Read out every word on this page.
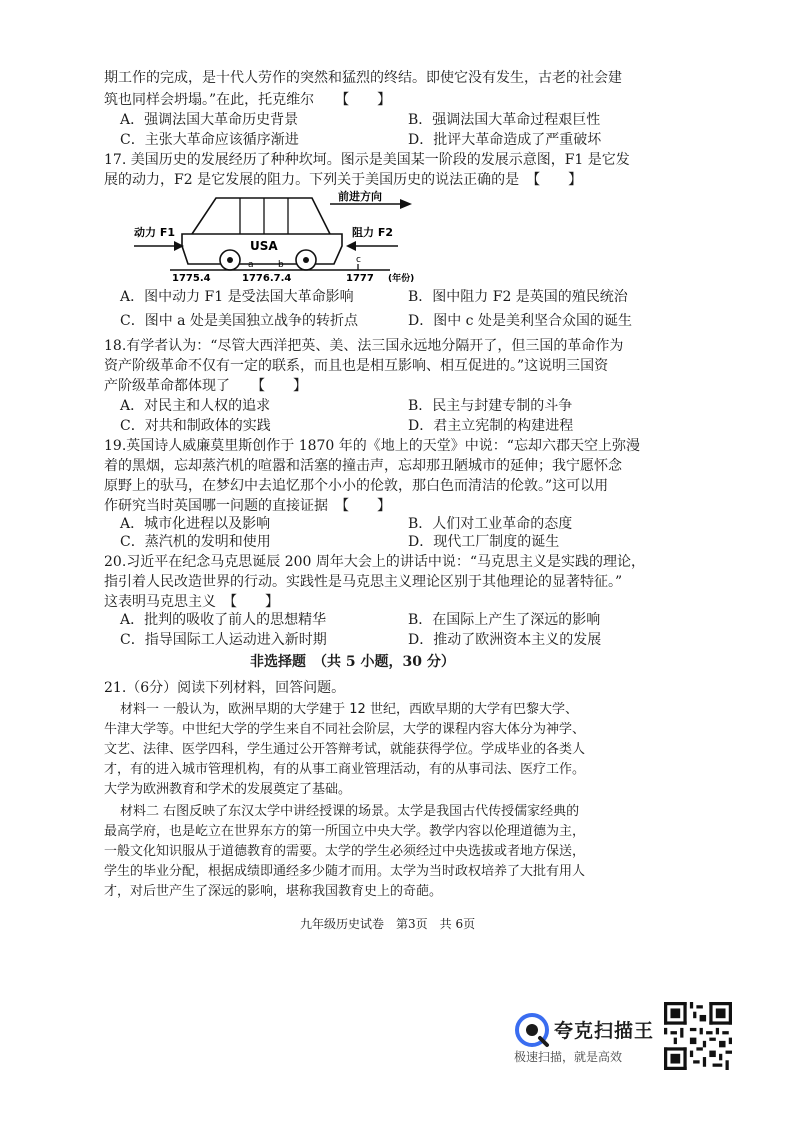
期工作的完成，是十代人劳作的突然和猛烈的终结。即使它没有发生，古老的社会建
筑也同样会坍塌。”在此，托克维尔　　【　　】
A．强调法国大革命历史背景	B．强调法国大革命过程艰巨性
C．主张大革命应该循序渐进	D．批评大革命造成了严重破坏
17. 美国历史的发展经历了种种坎坷。图示是美国某一阶段的发展示意图，F1 是它发
展的动力，F2 是它发展的阻力。下列关于美国历史的说法正确的是　【　　】
前进方向
USA
动力 F1	阻力 F2
a	b	c
1775.4	1776.7.4	1777 (年份)
A．图中动力 F1 是受法国大革命影响	B．图中阻力 F2 是英国的殖民统治
C．图中 a 处是美国独立战争的转折点	D．图中 c 处是美利坚合众国的诞生
18.有学者认为：“尽管大西洋把英、美、法三国永远地分隔开了，但三国的革命作为
资产阶级革命不仅有一定的联系，而且也是相互影响、相互促进的。”这说明三国资
产阶级革命都体现了　　【　　】
A．对民主和人权的追求	B．民主与封建专制的斗争
C．对共和制政体的实践	D．君主立宪制的构建进程
19.英国诗人威廉莫里斯创作于 1870 年的《地上的天堂》中说：“忘却六郡天空上弥漫
着的黑烟，忘却蒸汽机的喧嚣和活塞的撞击声，忘却那丑陋城市的延伸；我宁愿怀念
原野上的驮马，在梦幻中去追忆那个小小的伦敦，那白色而清洁的伦敦。”这可以用
作研究当时英国哪一问题的直接证据　【　　】
A．城市化进程以及影响	B．人们对工业革命的态度
C．蒸汽机的发明和使用	D．现代工厂制度的诞生
20.习近平在纪念马克思诞辰 200 周年大会上的讲话中说：“马克思主义是实践的理论，
指引着人民改造世界的行动。实践性是马克思主义理论区别于其他理论的显著特征。”
这表明马克思主义　【　　】
A．批判的吸收了前人的思想精华	B．在国际上产生了深远的影响
C．指导国际工人运动进入新时期	D．推动了欧洲资本主义的发展
非选择题　（共 5 小题，30 分）
21.（6分）阅读下列材料，回答问题。
材料一 一般认为，欧洲早期的大学建于 12 世纪，西欧早期的大学有巴黎大学、
牛津大学等。中世纪大学的学生来自不同社会阶层，大学的课程内容大体分为神学、
文艺、法律、医学四科，学生通过公开答辩考试，就能获得学位。学成毕业的各类人
才，有的进入城市管理机构，有的从事工商业管理活动，有的从事司法、医疗工作。
大学为欧洲教育和学术的发展奠定了基础。
材料二 右图反映了东汉太学中讲经授课的场景。太学是我国古代传授儒家经典的
最高学府，也是屹立在世界东方的第一所国立中央大学。教学内容以伦理道德为主，
一般文化知识服从于道德教育的需要。太学的学生必须经过中央选拔或者地方保送，
学生的毕业分配，根据成绩即通经多少随才而用。太学为当时政权培养了大批有用人
才，对后世产生了深远的影响，堪称我国教育史上的奇葩。
九年级历史试卷　第3页　共 6页
夸克扫描王
极速扫描，就是高效
